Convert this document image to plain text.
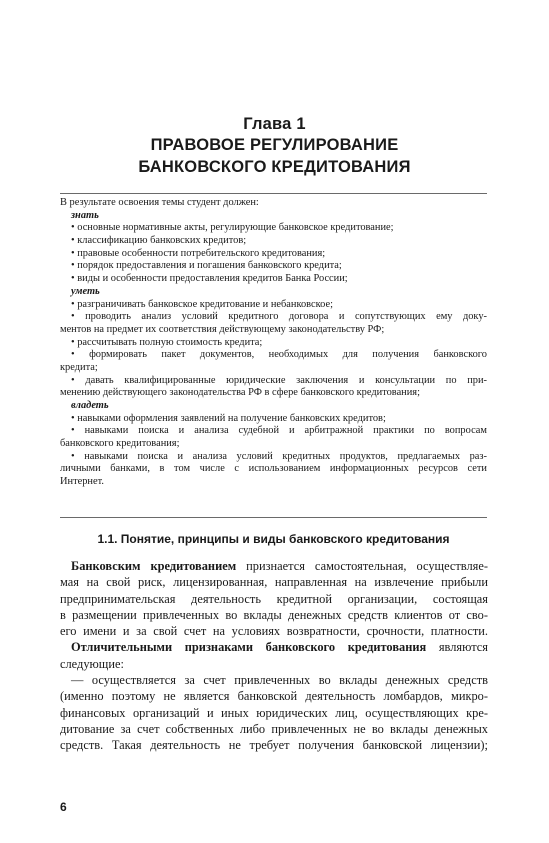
Глава 1
ПРАВОВОЕ РЕГУЛИРОВАНИЕ
БАНКОВСКОГО КРЕДИТОВАНИЯ
В результате освоения темы студент должен:
знать
• основные нормативные акты, регулирующие банковское кредитование;
• классификацию банковских кредитов;
• правовые особенности потребительского кредитования;
• порядок предоставления и погашения банковского кредита;
• виды и особенности предоставления кредитов Банка России;
уметь
• разграничивать банковское кредитование и небанковское;
• проводить анализ условий кредитного договора и сопутствующих ему доку-
ментов на предмет их соответствия действующему законодательству РФ;
• рассчитывать полную стоимость кредита;
• формировать пакет документов, необходимых для получения банковского
кредита;
• давать квалифицированные юридические заключения и консультации по при-
менению действующего законодательства РФ в сфере банковского кредитования;
владеть
• навыками оформления заявлений на получение банковских кредитов;
• навыками поиска и анализа судебной и арбитражной практики по вопросам
банковского кредитования;
• навыками поиска и анализа условий кредитных продуктов, предлагаемых раз-
личными банками, в том числе с использованием информационных ресурсов сети
Интернет.
1.1. Понятие, принципы и виды банковского кредитования
Банковским кредитованием признается самостоятельная, осуществляе-
мая на свой риск, лицензированная, направленная на извлечение прибыли
предпринимательская деятельность кредитной организации, состоящая
в размещении привлеченных во вклады денежных средств клиентов от сво-
его имени и за свой счет на условиях возвратности, срочности, платности.
Отличительными признаками банковского кредитования являются
следующие:
— осуществляется за счет привлеченных во вклады денежных средств
(именно поэтому не является банковской деятельность ломбардов, микро-
финансовых организаций и иных юридических лиц, осуществляющих кре-
дитование за счет собственных либо привлеченных не во вклады денежных
средств. Такая деятельность не требует получения банковской лицензии);
6
